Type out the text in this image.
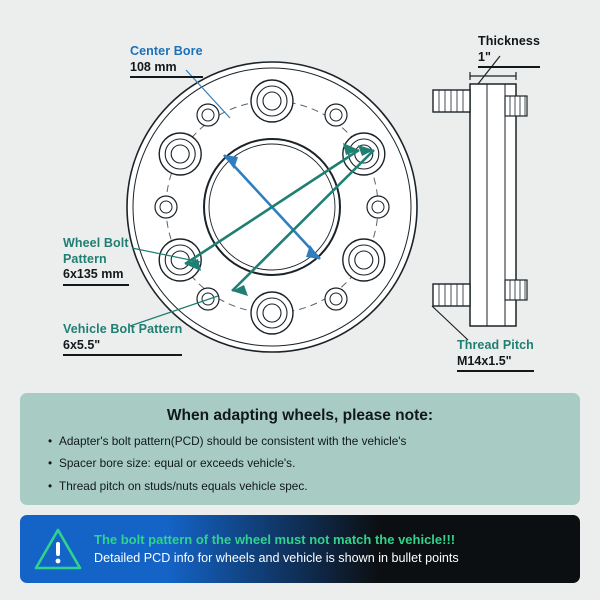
Center Bore
108 mm
Thickness
1"
Wheel Bolt
Pattern
6x135 mm
Vehicle Bolt Pattern
6x5.5"	Thread Pitch
M14x1.5"
When adapting wheels, please note:
• Adapter's bolt pattern(PCD) should be consistent with the vehicle's
• Spacer bore size: equal or exceeds vehicle's.
• Thread pitch on studs/nuts equals vehicle spec.
The bolt pattern of the wheel must not match the vehicle!!!
Detailed PCD info for wheels and vehicle is shown in bullet points
